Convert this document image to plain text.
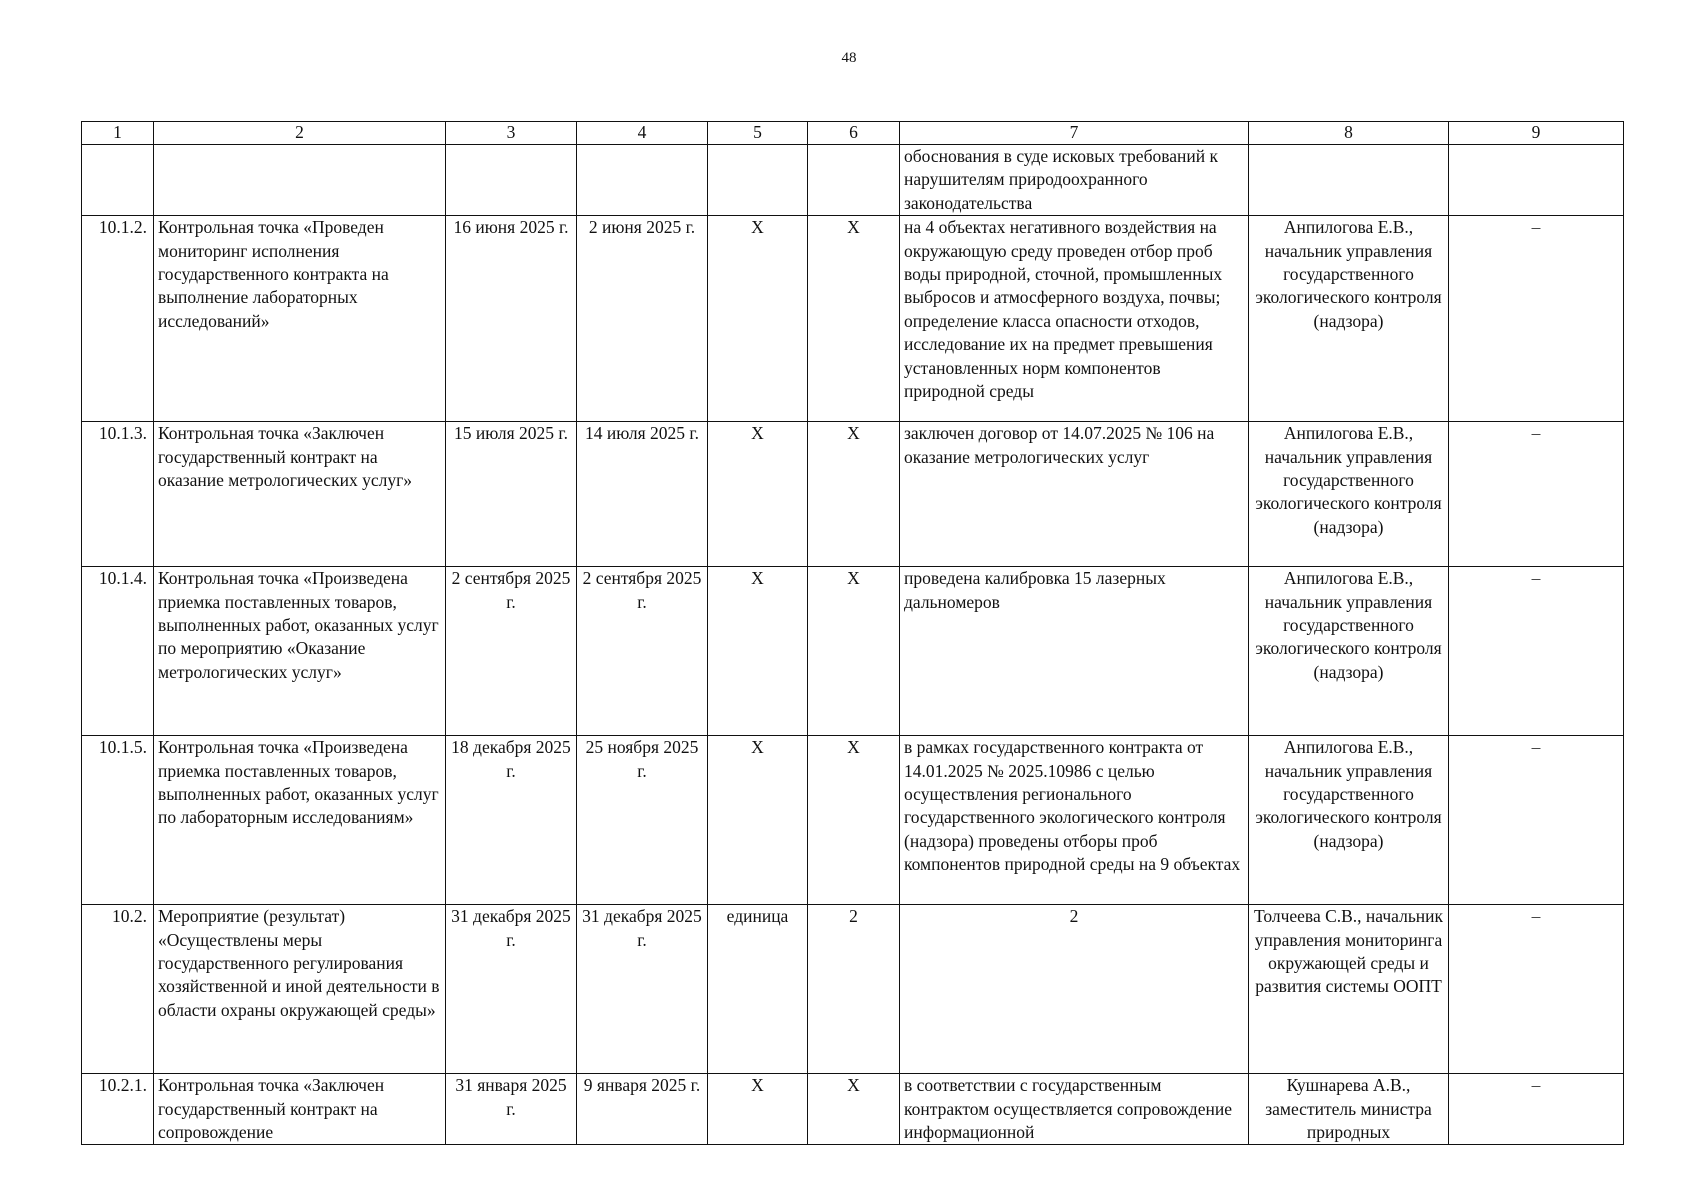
48
1	2	3	4	5	6	7	8	9
						обоснования в суде исковых требований к нарушителям природоохранного законодательства		
10.1.2.	Контрольная точка «Проведен мониторинг исполнения государственного контракта на выполнение лабораторных исследований»	16 июня 2025 г.	2 июня 2025 г.	Х	Х	на 4 объектах негативного воздействия на окружающую среду проведен отбор проб воды природной, сточной, промышленных выбросов и атмосферного воздуха, почвы; определение класса опасности отходов, исследование их на предмет превышения установленных норм компонентов природной среды	Анпилогова Е.В., начальник управления государственного экологического контроля (надзора)	–
10.1.3.	Контрольная точка «Заключен государственный контракт на оказание метрологических услуг»	15 июля 2025 г.	14 июля 2025 г.	Х	Х	заключен договор от 14.07.2025 № 106 на оказание метрологических услуг	Анпилогова Е.В., начальник управления государственного экологического контроля (надзора)	–
10.1.4.	Контрольная точка «Произведена приемка поставленных товаров, выполненных работ, оказанных услуг по мероприятию «Оказание метрологических услуг»	2 сентября 2025 г.	2 сентября 2025 г.	Х	Х	проведена калибровка 15 лазерных дальномеров	Анпилогова Е.В., начальник управления государственного экологического контроля (надзора)	–
10.1.5.	Контрольная точка «Произведена приемка поставленных товаров, выполненных работ, оказанных услуг по лабораторным исследованиям»	18 декабря 2025 г.	25 ноября 2025 г.	Х	Х	в рамках государственного контракта от 14.01.2025 № 2025.10986 с целью осуществления регионального государственного экологического контроля (надзора) проведены отборы проб компонентов природной среды на 9 объектах	Анпилогова Е.В., начальник управления государственного экологического контроля (надзора)	–
10.2.	Мероприятие (результат) «Осуществлены меры государственного регулирования хозяйственной и иной деятельности в области охраны окружающей среды»	31 декабря 2025 г.	31 декабря 2025 г.	единица	2	2	Толчеева С.В., начальник управления мониторинга окружающей среды и развития системы ООПТ	–
10.2.1.	Контрольная точка «Заключен государственный контракт на сопровождение	31 января 2025 г.	9 января 2025 г.	Х	Х	в соответствии с государственным контрактом осуществляется сопровождение информационной	Кушнарева А.В., заместитель министра природных	–
